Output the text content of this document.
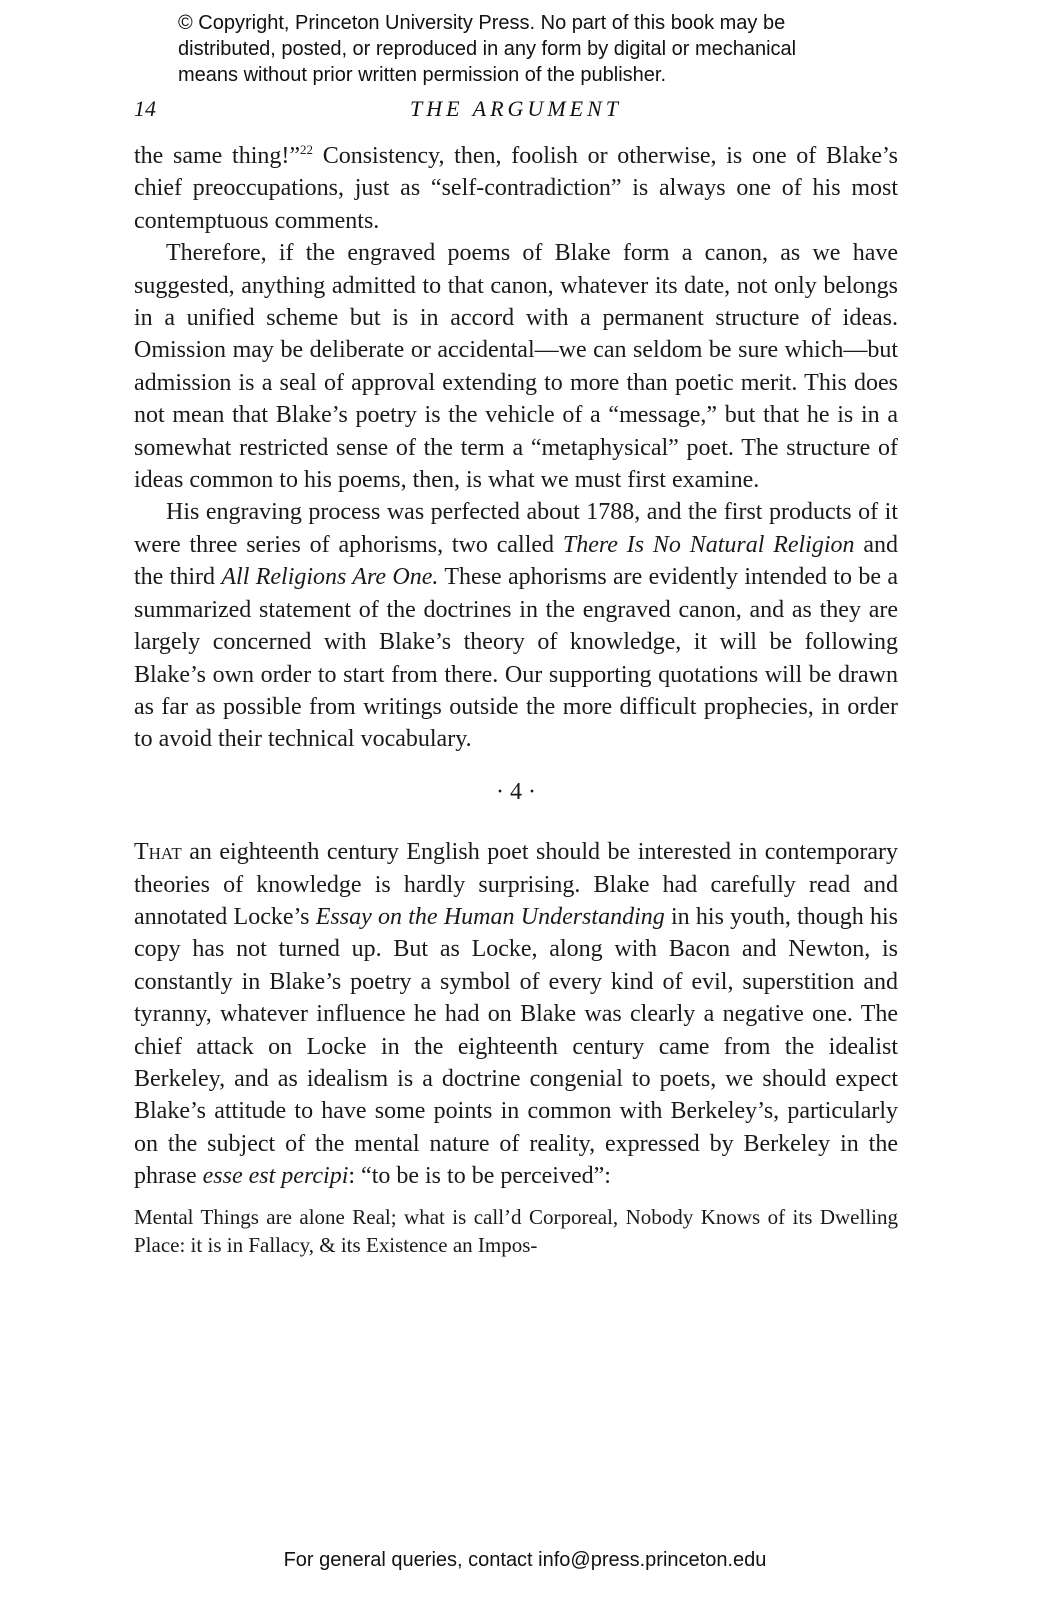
© Copyright, Princeton University Press. No part of this book may be
distributed, posted, or reproduced in any form by digital or mechanical
means without prior written permission of the publisher.
14	THE ARGUMENT

the same thing!”$^{22}$ Consistency, then, foolish or otherwise, is one of Blake’s chief preoccupations, just as “self-contradiction” is always one of his most contemptuous comments.

Therefore, if the engraved poems of Blake form a canon, as we have suggested, anything admitted to that canon, whatever its date, not only belongs in a unified scheme but is in accord with a permanent structure of ideas. Omission may be deliberate or accidental—we can seldom be sure which—but admission is a seal of approval extending to more than poetic merit. This does not mean that Blake’s poetry is the vehicle of a “message,” but that he is in a somewhat restricted sense of the term a “metaphysical” poet. The structure of ideas common to his poems, then, is what we must first examine.

His engraving process was perfected about 1788, and the first products of it were three series of aphorisms, two called There Is No Natural Religion and the third All Religions Are One. These aphorisms are evidently intended to be a summarized statement of the doctrines in the engraved canon, and as they are largely concerned with Blake’s theory of knowledge, it will be following Blake’s own order to start from there. Our supporting quotations will be drawn as far as possible from writings outside the more difficult prophecies, in order to avoid their technical vocabulary.

· 4 ·

That an eighteenth century English poet should be interested in contemporary theories of knowledge is hardly surprising. Blake had carefully read and annotated Locke’s Essay on the Human Understanding in his youth, though his copy has not turned up. But as Locke, along with Bacon and Newton, is constantly in Blake’s poetry a symbol of every kind of evil, superstition and tyranny, whatever influence he had on Blake was clearly a negative one. The chief attack on Locke in the eighteenth century came from the idealist Berkeley, and as idealism is a doctrine congenial to poets, we should expect Blake’s attitude to have some points in common with Berkeley’s, particularly on the subject of the mental nature of reality, expressed by Berkeley in the phrase esse est percipi: “to be is to be perceived”:

Mental Things are alone Real; what is call’d Corporeal, Nobody Knows of its Dwelling Place: it is in Fallacy, & its Existence an Impos-

For general queries, contact info@press.princeton.edu
